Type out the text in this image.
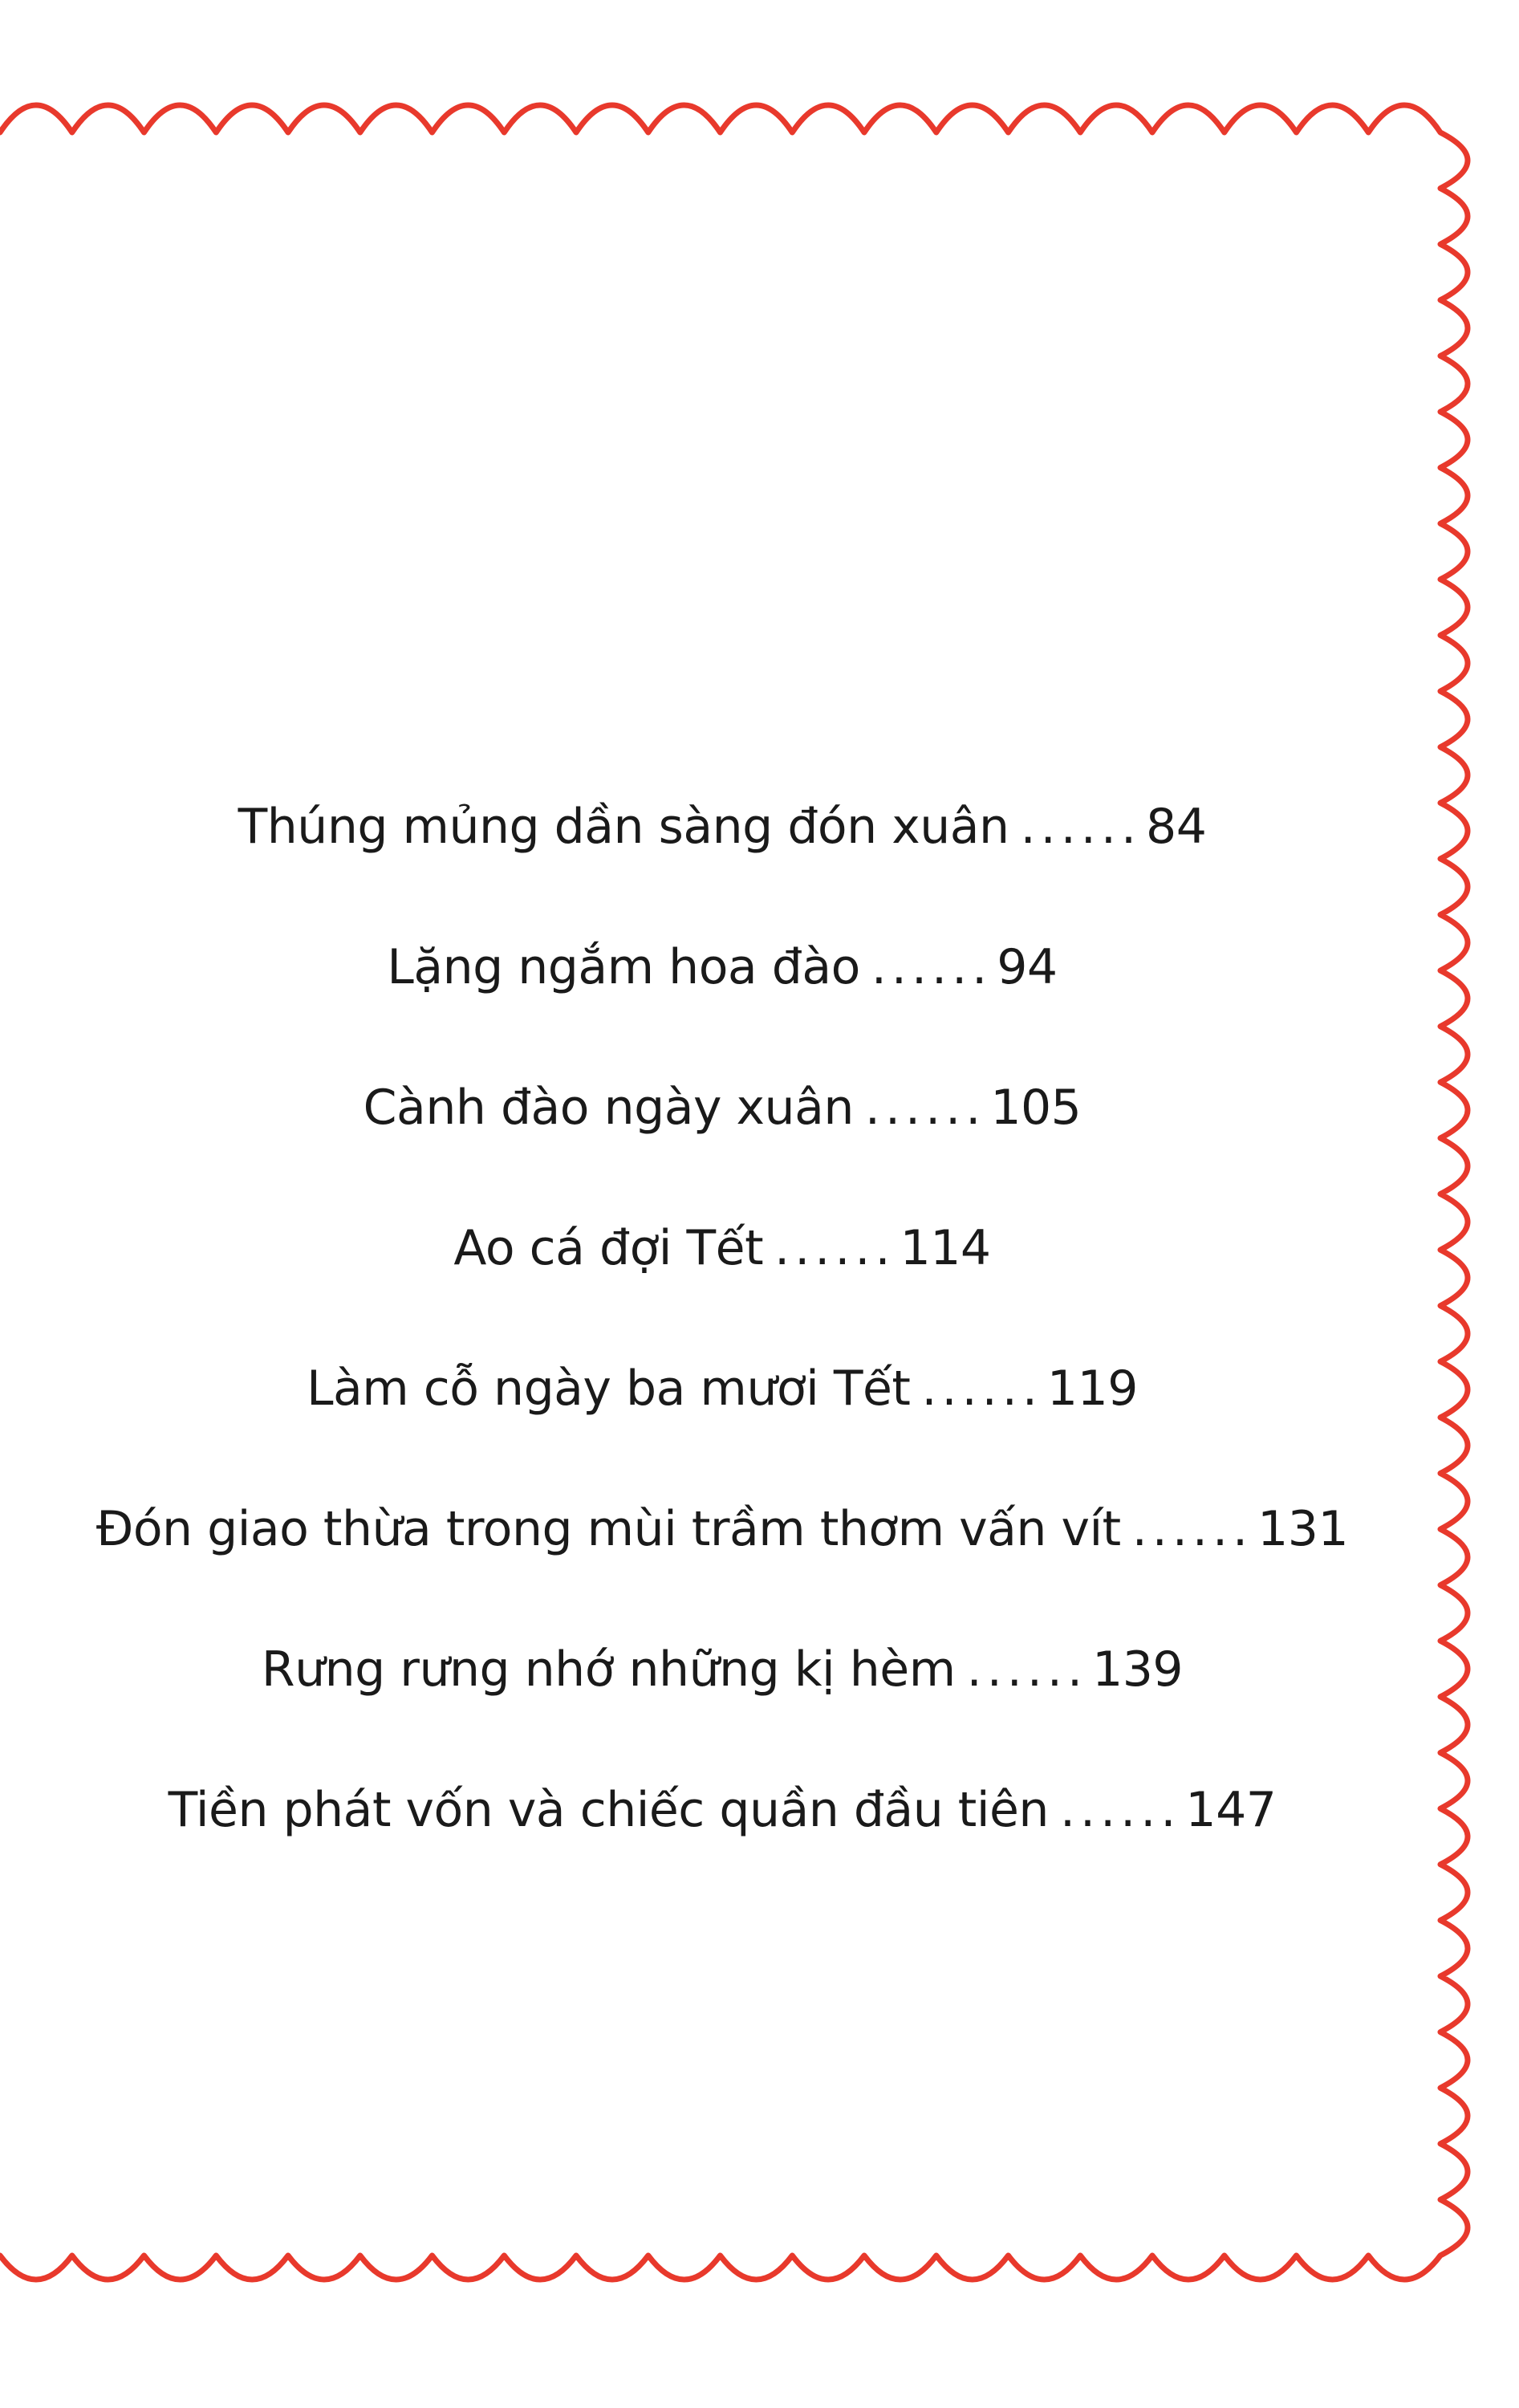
Thúng mủng dần sàng đón xuân ...... 84
Lặng ngắm hoa đào ...... 94
Cành đào ngày xuân ...... 105
Ao cá đợi Tết ...... 114
Làm cỗ ngày ba mươi Tết ...... 119
Đón giao thừa trong mùi trầm thơm vấn vít ...... 131
Rưng rưng nhớ những kị hèm ...... 139
Tiền phát vốn và chiếc quần đầu tiên ...... 147
